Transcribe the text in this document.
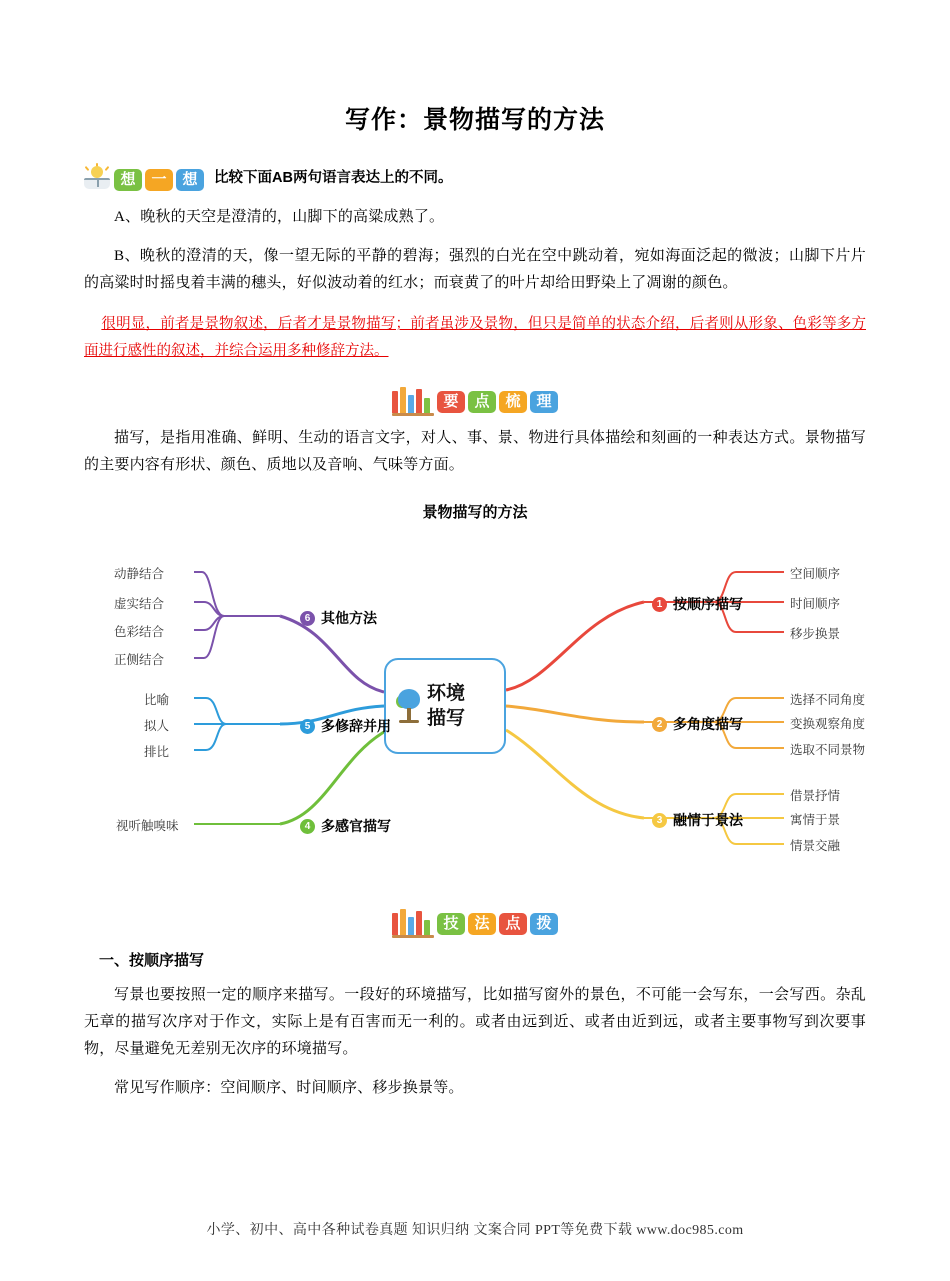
写作：景物描写的方法
想	一	想	比较下面AB两句语言表达上的不同。

A、晚秋的天空是澄清的，山脚下的高粱成熟了。

B、晚秋的澄清的天，像一望无际的平静的碧海；强烈的白光在空中跳动着，宛如海面泛起的微波；山脚下片片的高粱时时摇曳着丰满的穗头，好似波动着的红水；而衰黄了的叶片却给田野染上了凋谢的颜色。

很明显，前者是景物叙述，后者才是景物描写；前者虽涉及景物，但只是简单的状态介绍，后者则从形象、色彩等多方面进行感性的叙述，并综合运用多种修辞方法。

要	点	梳	理

描写，是指用准确、鲜明、生动的语言文字，对人、事、景、物进行具体描绘和刻画的一种表达方式。景物描写的主要内容有形状、颜色、质地以及音响、气味等方面。

景物描写的方法
环境
描写
6 其他方法
动静结合
虚实结合
色彩结合
正侧结合
5 多修辞并用
比喻
拟人
排比
4 多感官描写
视听触嗅味
1 按顺序描写
空间顺序
时间顺序
移步换景
2 多角度描写
选择不同角度
变换观察角度
选取不同景物
3 融情于景法
借景抒情
寓情于景
情景交融
技	法	点	拨
一、按顺序描写

写景也要按照一定的顺序来描写。一段好的环境描写，比如描写窗外的景色，不可能一会写东，一会写西。杂乱无章的描写次序对于作文，实际上是有百害而无一利的。或者由远到近、或者由近到远，或者主要事物写到次要事物，尽量避免无差别无次序的环境描写。

常见写作顺序：空间顺序、时间顺序、移步换景等。

小学、初中、高中各种试卷真题 知识归纳 文案合同 PPT等免费下载 www.doc985.com
